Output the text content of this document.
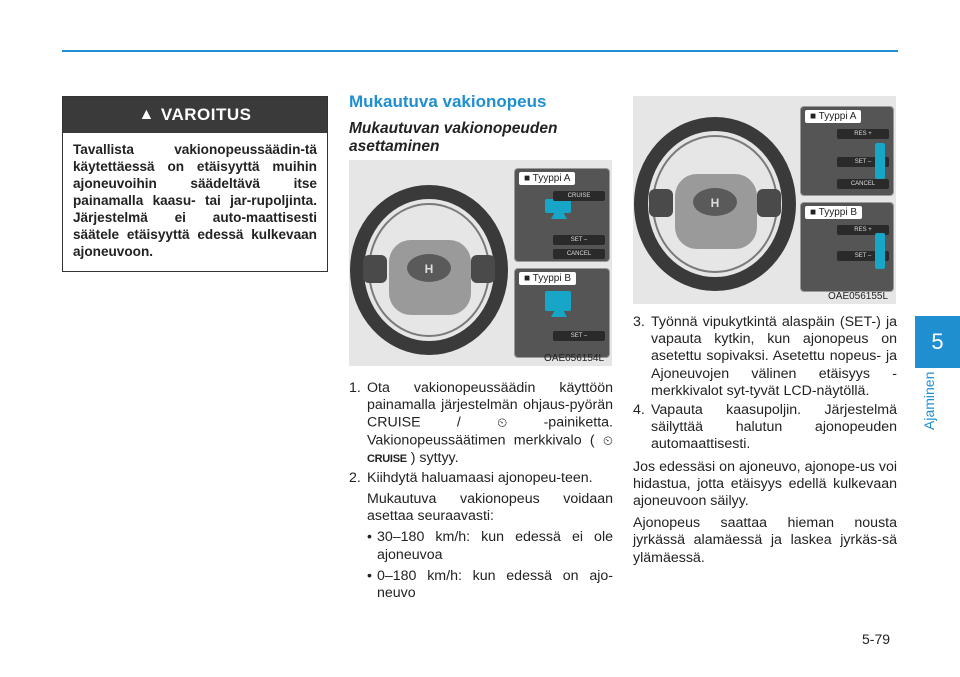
5
Ajaminen
5-79
▲ VAROITUS
Tavallista vakionopeussäädin-tä käytettäessä on etäisyyttä muihin ajoneuvoihin säädeltävä itse painamalla kaasu- tai jar-rupoljinta. Järjestelmä ei auto-maattisesti säätele etäisyyttä edessä kulkevaan ajoneuvoon.
Mukautuva vakionopeus
Mukautuvan vakionopeuden asettaminen
H
■ Tyyppi A
CRUISE
SET –
CANCEL
■ Tyyppi B
SET –
OAE056154L
H
■ Tyyppi A
RES +
SET –
CANCEL
■ Tyyppi B
RES +
SET –
OAE056155L
1. Ota vakionopeussäädin käyttöön painamalla järjestelmän ohjaus-pyörän CRUISE /	⏲	-painiketta. Vakionopeussäätimen merkkivalo ( ⏲CRUISE ) syttyy.
2. Kiihdytä haluamaasi ajonopeu-teen.
Mukautuva vakionopeus voidaan asettaa seuraavasti:
• 30–180 km/h: kun edessä ei ole ajoneuvoa
• 0–180 km/h: kun edessä on ajo-neuvo
3. Työnnä vipukytkintä alaspäin (SET-) ja vapauta kytkin, kun ajonopeus on asetettu sopivaksi. Asetettu nopeus- ja Ajoneuvojen välinen etäisyys -merkkivalot syt-tyvät LCD-näytöllä.
4. Vapauta kaasupoljin. Järjestelmä säilyttää halutun ajonopeuden automaattisesti.
Jos edessäsi on ajoneuvo, ajonope-us voi hidastua, jotta etäisyys edellä kulkevaan ajoneuvoon säilyy.
Ajonopeus saattaa hieman nousta jyrkässä alamäessä ja laskea jyrkäs-sä ylämäessä.
